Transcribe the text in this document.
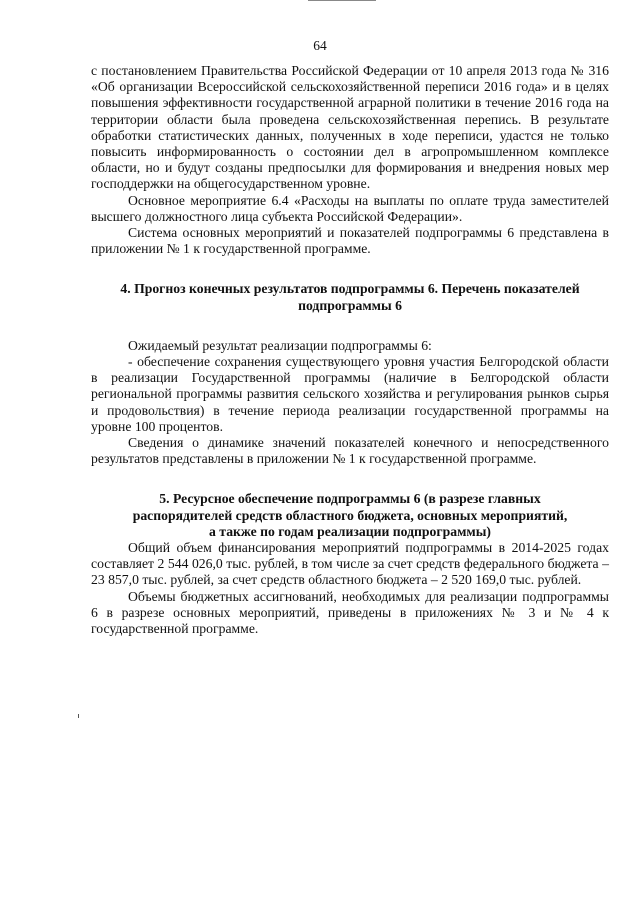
64

с постановлением Правительства Российской Федерации от 10 апреля 2013 года № 316 «Об организации Всероссийской сельскохозяйственной переписи 2016 года» и в целях повышения эффективности государственной аграрной политики в течение 2016 года на территории области была проведена сельскохозяйственная перепись. В результате обработки статистических данных, полученных в ходе переписи, удастся не только повысить информированность о состоянии дел в агропромышленном комплексе области, но и будут созданы предпосылки для формирования и внедрения новых мер господдержки на общегосударственном уровне.

Основное мероприятие 6.4 «Расходы на выплаты по оплате труда заместителей высшего должностного лица субъекта Российской Федерации».

Система основных мероприятий и показателей подпрограммы 6 представлена в приложении № 1 к государственной программе.

4. Прогноз конечных результатов подпрограммы 6. Перечень показателей
подпрограммы 6

Ожидаемый результат реализации подпрограммы 6:

- обеспечение сохранения существующего уровня участия Белгородской области в реализации Государственной программы (наличие в Белгородской области региональной программы развития сельского хозяйства и регулирования рынков сырья и продовольствия) в течение периода реализации государственной программы на уровне 100 процентов.

Сведения о динамике значений показателей конечного и непосредственного результатов представлены в приложении № 1 к государственной программе.

5. Ресурсное обеспечение подпрограммы 6 (в разрезе главных
распорядителей средств областного бюджета, основных мероприятий,
а также по годам реализации подпрограммы)

Общий объем финансирования мероприятий подпрограммы в 2014-2025 годах составляет 2 544 026,0 тыс. рублей, в том числе за счет средств федерального бюджета – 23 857,0 тыс. рублей, за счет средств областного бюджета – 2 520 169,0 тыс. рублей.

Объемы бюджетных ассигнований, необходимых для реализации подпрограммы 6 в разрезе основных мероприятий, приведены в приложениях № 3 и № 4 к государственной программе.
